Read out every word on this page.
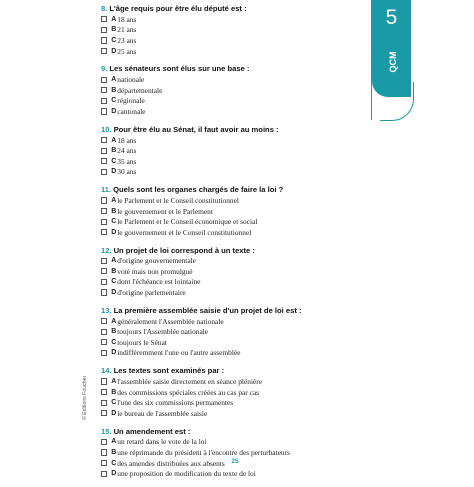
8. L'âge requis pour être élu député est :
A 18 ans
B 21 ans
C 23 ans
D 25 ans
9. Les sénateurs sont élus sur une base :
A nationale
B départementale
C régionale
D cantonale
10. Pour être élu au Sénat, il faut avoir au moins :
A 18 ans
B 24 ans
C 35 ans
D 30 ans
11. Quels sont les organes chargés de faire la loi ?
A le Parlement et le Conseil constitutionnel
B le gouvernement et le Parlement
C le Parlement et le Conseil économique et social
D le gouvernement et le Conseil constitutionnel
12. Un projet de loi correspond à un texte :
A d'origine gouvernementale
B voté mais non promulgué
C dont l'échéance est lointaine
D d'origine parlementaire
13. La première assemblée saisie d'un projet de loi est :
A généralement l'Assemblée nationale
B toujours l'Assemblée nationale
C toujours le Sénat
D indifféremment l'une ou l'autre assemblée
14. Les textes sont examinés par :
A l'assemblée saisie directement en séance plénière
B des commissions spéciales créées au cas par cas
C l'une des six commissions permanentes
D le bureau de l'assemblée saisie
15. Un amendement est :
A un retard dans le vote de la loi
B une réprimande du président à l'encontre des perturbateurs
C des amendes distribuées aux absents
D une proposition de modification du texte de loi
5
QCM
© Éditions Foucher
25
